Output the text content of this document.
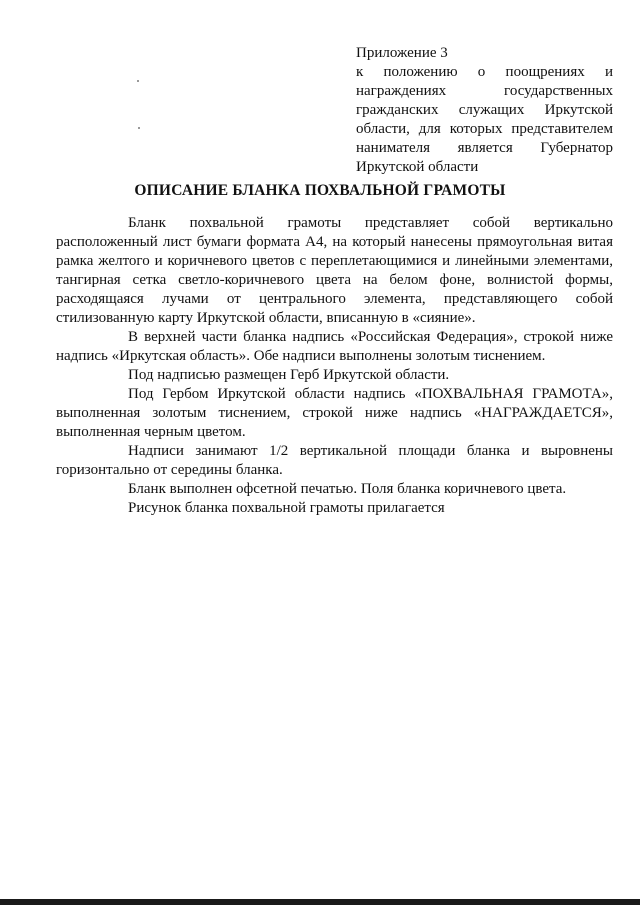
Приложение 3
к положению о поощрениях и награждениях государственных гражданских служащих Иркутской области, для которых представителем нанимателя является Губернатор Иркутской области
ОПИСАНИЕ БЛАНКА ПОХВАЛЬНОЙ ГРАМОТЫ

Бланк похвальной грамоты представляет собой вертикально расположенный лист бумаги формата А4, на который нанесены прямоугольная витая рамка желтого и коричневого цветов с переплетающимися и линейными элементами, тангирная сетка светло-коричневого цвета на белом фоне, волнистой формы, расходящаяся лучами от центрального элемента, представляющего собой стилизованную карту Иркутской области, вписанную в «сияние».

В верхней части бланка надпись «Российская Федерация», строкой ниже надпись «Иркутская область». Обе надписи выполнены золотым тиснением.

Под надписью размещен Герб Иркутской области.

Под Гербом Иркутской области надпись «ПОХВАЛЬНАЯ ГРАМОТА», выполненная золотым тиснением, строкой ниже надпись «НАГРАЖДАЕТСЯ», выполненная черным цветом.

Надписи занимают 1/2 вертикальной площади бланка и выровнены горизонтально от середины бланка.

Бланк выполнен офсетной печатью. Поля бланка коричневого цвета.

Рисунок бланка похвальной грамоты прилагается
